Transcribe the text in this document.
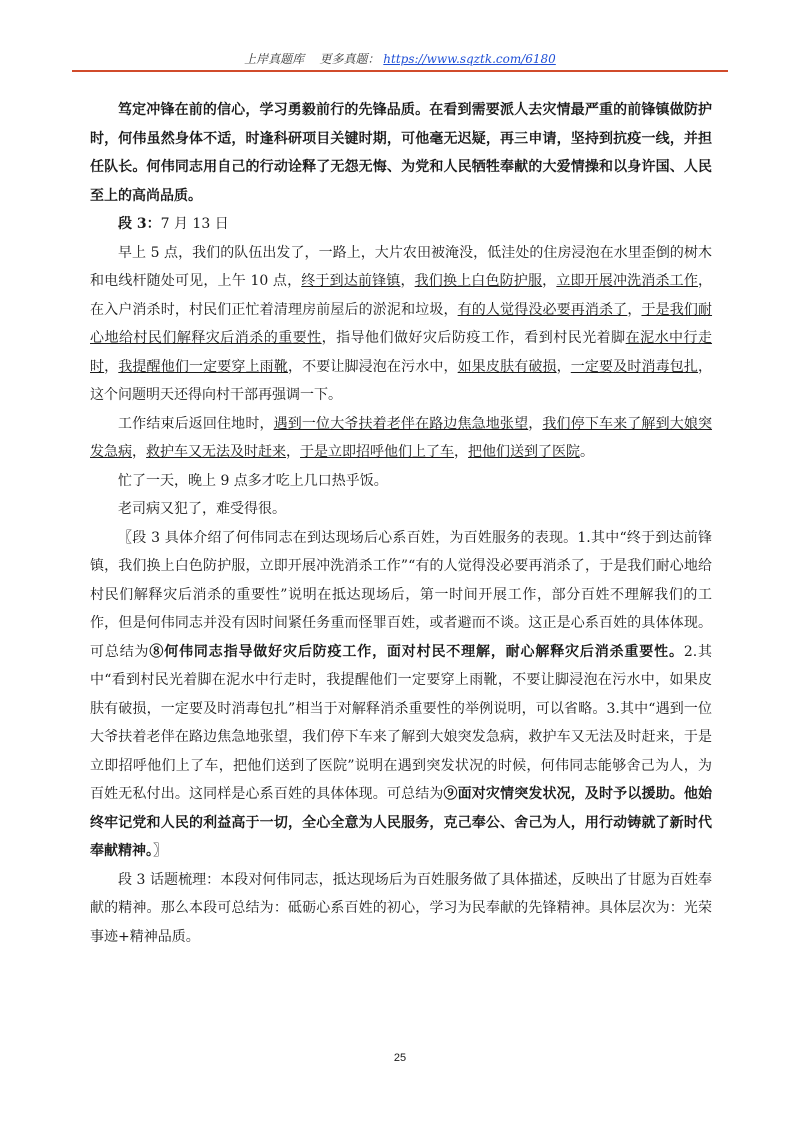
上岸真题库 更多真题： https://www.sqztk.com/6180

笃定冲锋在前的信心，学习勇毅前行的先锋品质。在看到需要派人去灾情最严重的前锋镇做防护时，何伟虽然身体不适，时逢科研项目关键时期，可他毫无迟疑，再三申请，坚持到抗疫一线，并担任队长。何伟同志用自己的行动诠释了无怨无悔、为党和人民牺牲奉献的大爱情操和以身许国、人民至上的高尚品质。

段 3：7 月 13 日

早上 5 点，我们的队伍出发了，一路上，大片农田被淹没，低洼处的住房浸泡在水里歪倒的树木和电线杆随处可见，上午 10 点，终于到达前锋镇，我们换上白色防护服，立即开展冲洗消杀工作，在入户消杀时，村民们正忙着清理房前屋后的淤泥和垃圾，有的人觉得没必要再消杀了，于是我们耐心地给村民们解释灾后消杀的重要性，指导他们做好灾后防疫工作，看到村民光着脚在泥水中行走时，我提醒他们一定要穿上雨靴，不要让脚浸泡在污水中，如果皮肤有破损，一定要及时消毒包扎，这个问题明天还得向村干部再强调一下。

工作结束后返回住地时，遇到一位大爷扶着老伴在路边焦急地张望，我们停下车来了解到大娘突发急病，救护车又无法及时赶来，于是立即招呼他们上了车，把他们送到了医院。

忙了一天，晚上 9 点多才吃上几口热乎饭。

老司病又犯了，难受得很。

〖段 3 具体介绍了何伟同志在到达现场后心系百姓，为百姓服务的表现。1.其中“终于到达前锋镇，我们换上白色防护服，立即开展冲洗消杀工作”“有的人觉得没必要再消杀了，于是我们耐心地给村民们解释灾后消杀的重要性”说明在抵达现场后，第一时间开展工作，部分百姓不理解我们的工作，但是何伟同志并没有因时间紧任务重而怪罪百姓，或者避而不谈。这正是心系百姓的具体体现。可总结为⑧何伟同志指导做好灾后防疫工作，面对村民不理解，耐心解释灾后消杀重要性。2.其中“看到村民光着脚在泥水中行走时，我提醒他们一定要穿上雨靴，不要让脚浸泡在污水中，如果皮肤有破损，一定要及时消毒包扎”相当于对解释消杀重要性的举例说明，可以省略。3.其中“遇到一位大爷扶着老伴在路边焦急地张望，我们停下车来了解到大娘突发急病，救护车又无法及时赶来，于是立即招呼他们上了车，把他们送到了医院”说明在遇到突发状况的时候，何伟同志能够舍己为人，为百姓无私付出。这同样是心系百姓的具体体现。可总结为⑨面对灾情突发状况，及时予以援助。他始终牢记党和人民的利益高于一切，全心全意为人民服务，克己奉公、舍己为人，用行动铸就了新时代奉献精神。〗

段 3 话题梳理：本段对何伟同志，抵达现场后为百姓服务做了具体描述，反映出了甘愿为百姓奉献的精神。那么本段可总结为：砥砺心系百姓的初心，学习为民奉献的先锋精神。具体层次为：光荣事迹+精神品质。

25
